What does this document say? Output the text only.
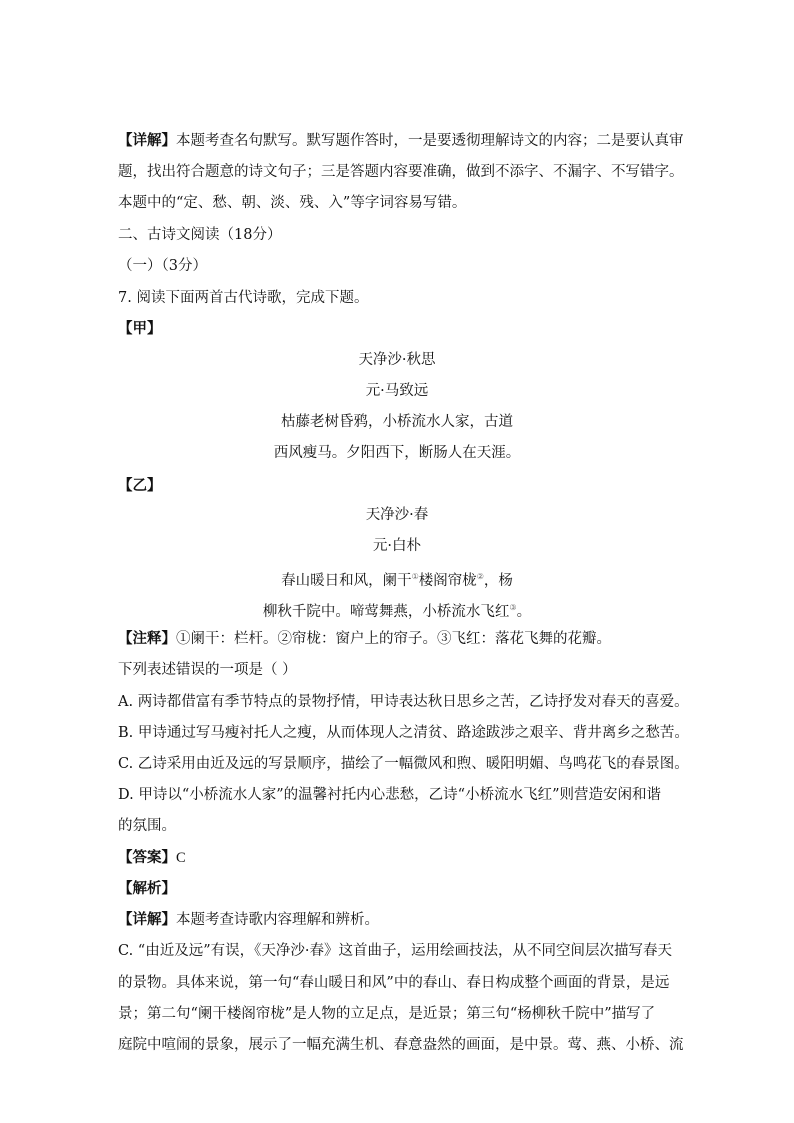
【详解】本题考查名句默写。默写题作答时，一是要透彻理解诗文的内容；二是要认真审
题，找出符合题意的诗文句子；三是答题内容要准确，做到不添字、不漏字、不写错字。
本题中的“定、愁、朝、淡、残、入”等字词容易写错。
二、古诗文阅读（18分）
（一）（3分）
7. 阅读下面两首古代诗歌，完成下题。
【甲】
天净沙·秋思
元·马致远
枯藤老树昏鸦，小桥流水人家，古道
西风瘦马。夕阳西下，断肠人在天涯。
【乙】
天净沙·春
元·白朴
春山暖日和风，阑干①楼阁帘栊②，杨
柳秋千院中。啼莺舞燕，小桥流水飞红③。
【注释】①阑干：栏杆。②帘栊：窗户上的帘子。③飞红：落花飞舞的花瓣。
下列表述错误的一项是（ ）
A. 两诗都借富有季节特点的景物抒情，甲诗表达秋日思乡之苦，乙诗抒发对春天的喜爱。
B. 甲诗通过写马瘦衬托人之瘦，从而体现人之清贫、路途跋涉之艰辛、背井离乡之愁苦。
C. 乙诗采用由近及远的写景顺序，描绘了一幅微风和煦、暖阳明媚、鸟鸣花飞的春景图。
D. 甲诗以“小桥流水人家”的温馨衬托内心悲愁，乙诗“小桥流水飞红”则营造安闲和谐
的氛围。
【答案】C
【解析】
【详解】本题考查诗歌内容理解和辨析。
C. “由近及远”有误，《天净沙·春》这首曲子，运用绘画技法，从不同空间层次描写春天
的景物。具体来说，第一句“春山暖日和风”中的春山、春日构成整个画面的背景，是远
景；第二句“阑干楼阁帘栊”是人物的立足点，是近景；第三句“杨柳秋千院中”描写了
庭院中喧闹的景象，展示了一幅充满生机、春意盎然的画面，是中景。莺、燕、小桥、流
